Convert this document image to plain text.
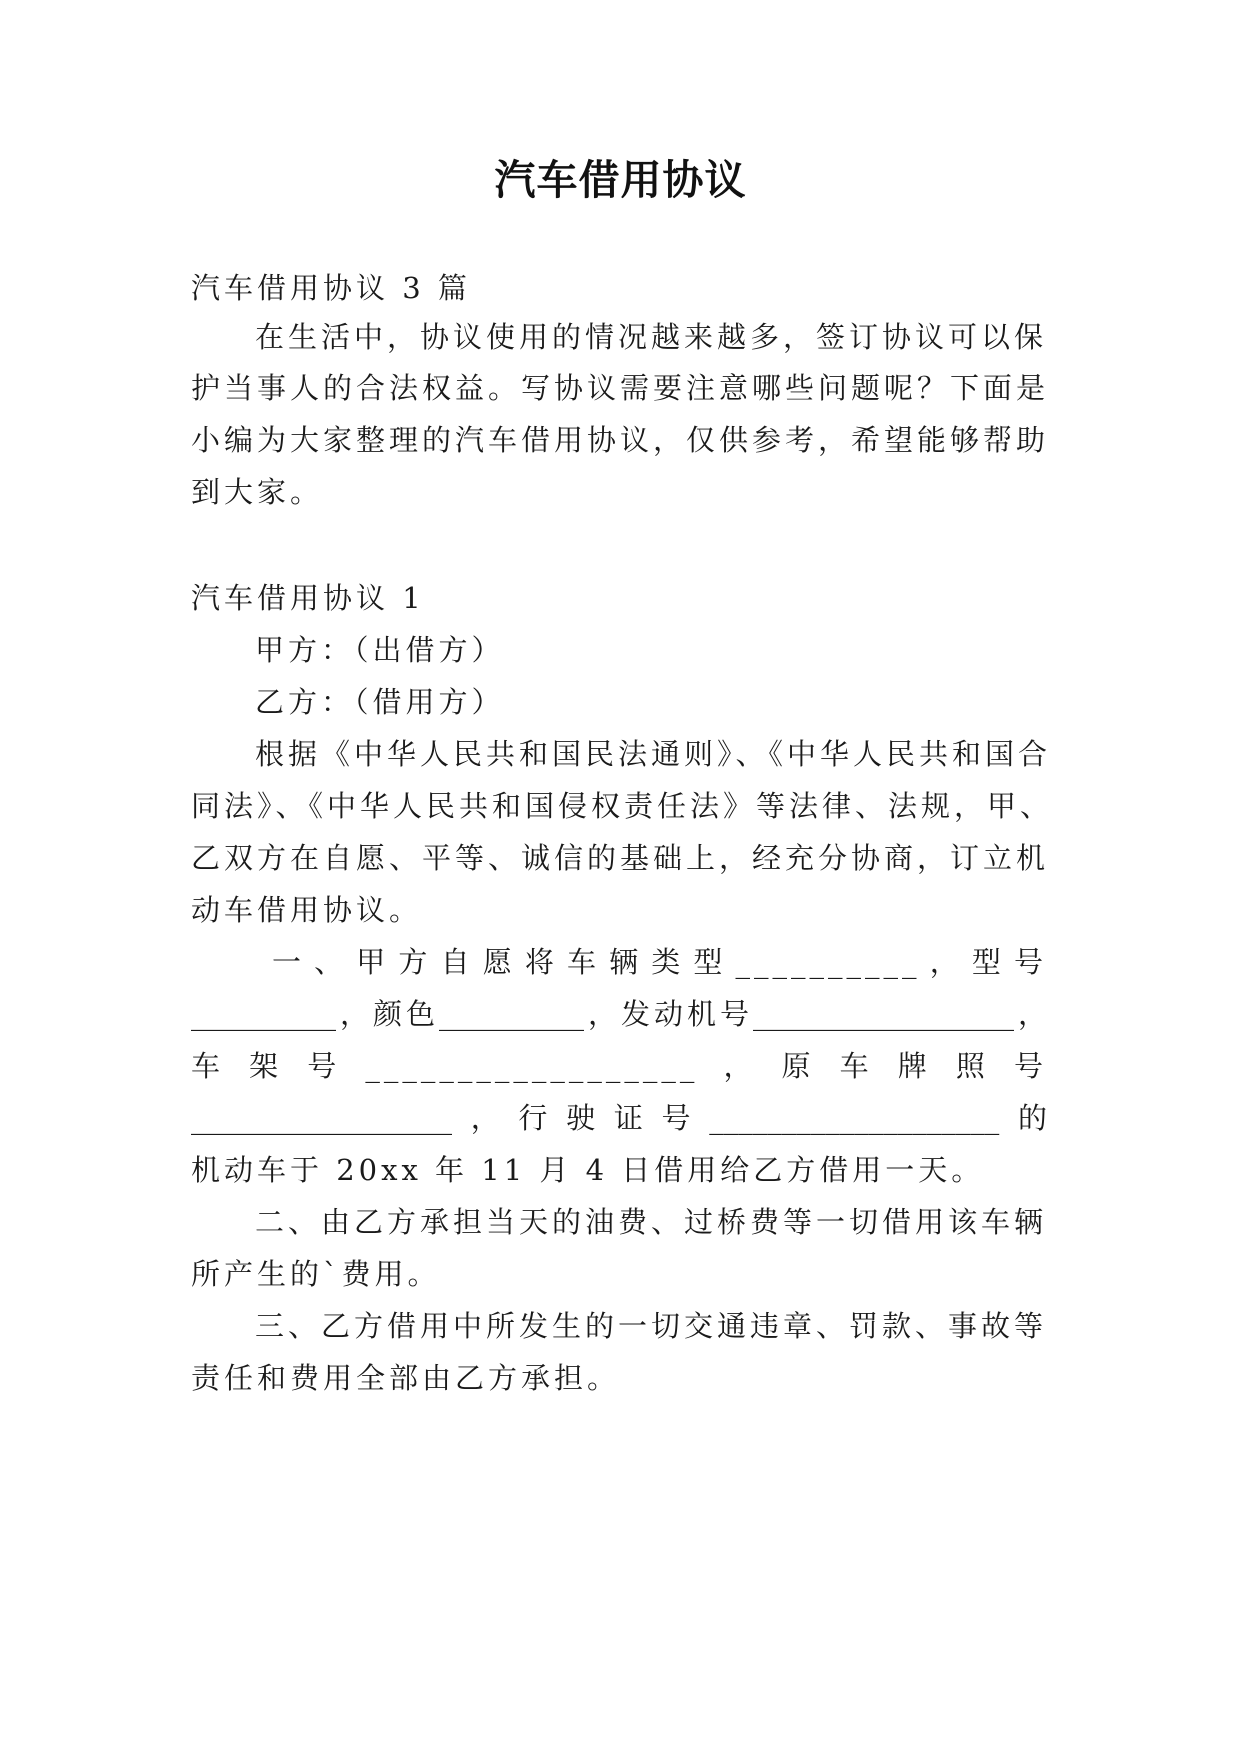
汽车借用协议
汽车借用协议 3 篇
在生活中，协议使用的情况越来越多，签订协议可以保
护当事人的合法权益。写协议需要注意哪些问题呢？下面是
小编为大家整理的汽车借用协议，仅供参考，希望能够帮助
到大家。
汽车借用协议 1
甲方：（出借方）
乙方：（借用方）
根据《中华人民共和国民法通则》、《中华人民共和国合
同法》、《中华人民共和国侵权责任法》等法律、法规，甲、
乙双方在自愿、平等、诚信的基础上，经充分协商，订立机
动车借用协议。
一、甲方自愿将车辆类型__________，型号
__________，颜色__________，发动机号__________________，
车架号__________________，原车牌照号
__________________，行驶证号____________________的
机动车于 20xx 年 11 月 4 日借用给乙方借用一天。
二、由乙方承担当天的油费、过桥费等一切借用该车辆
所产生的`费用。
三、乙方借用中所发生的一切交通违章、罚款、事故等
责任和费用全部由乙方承担。
